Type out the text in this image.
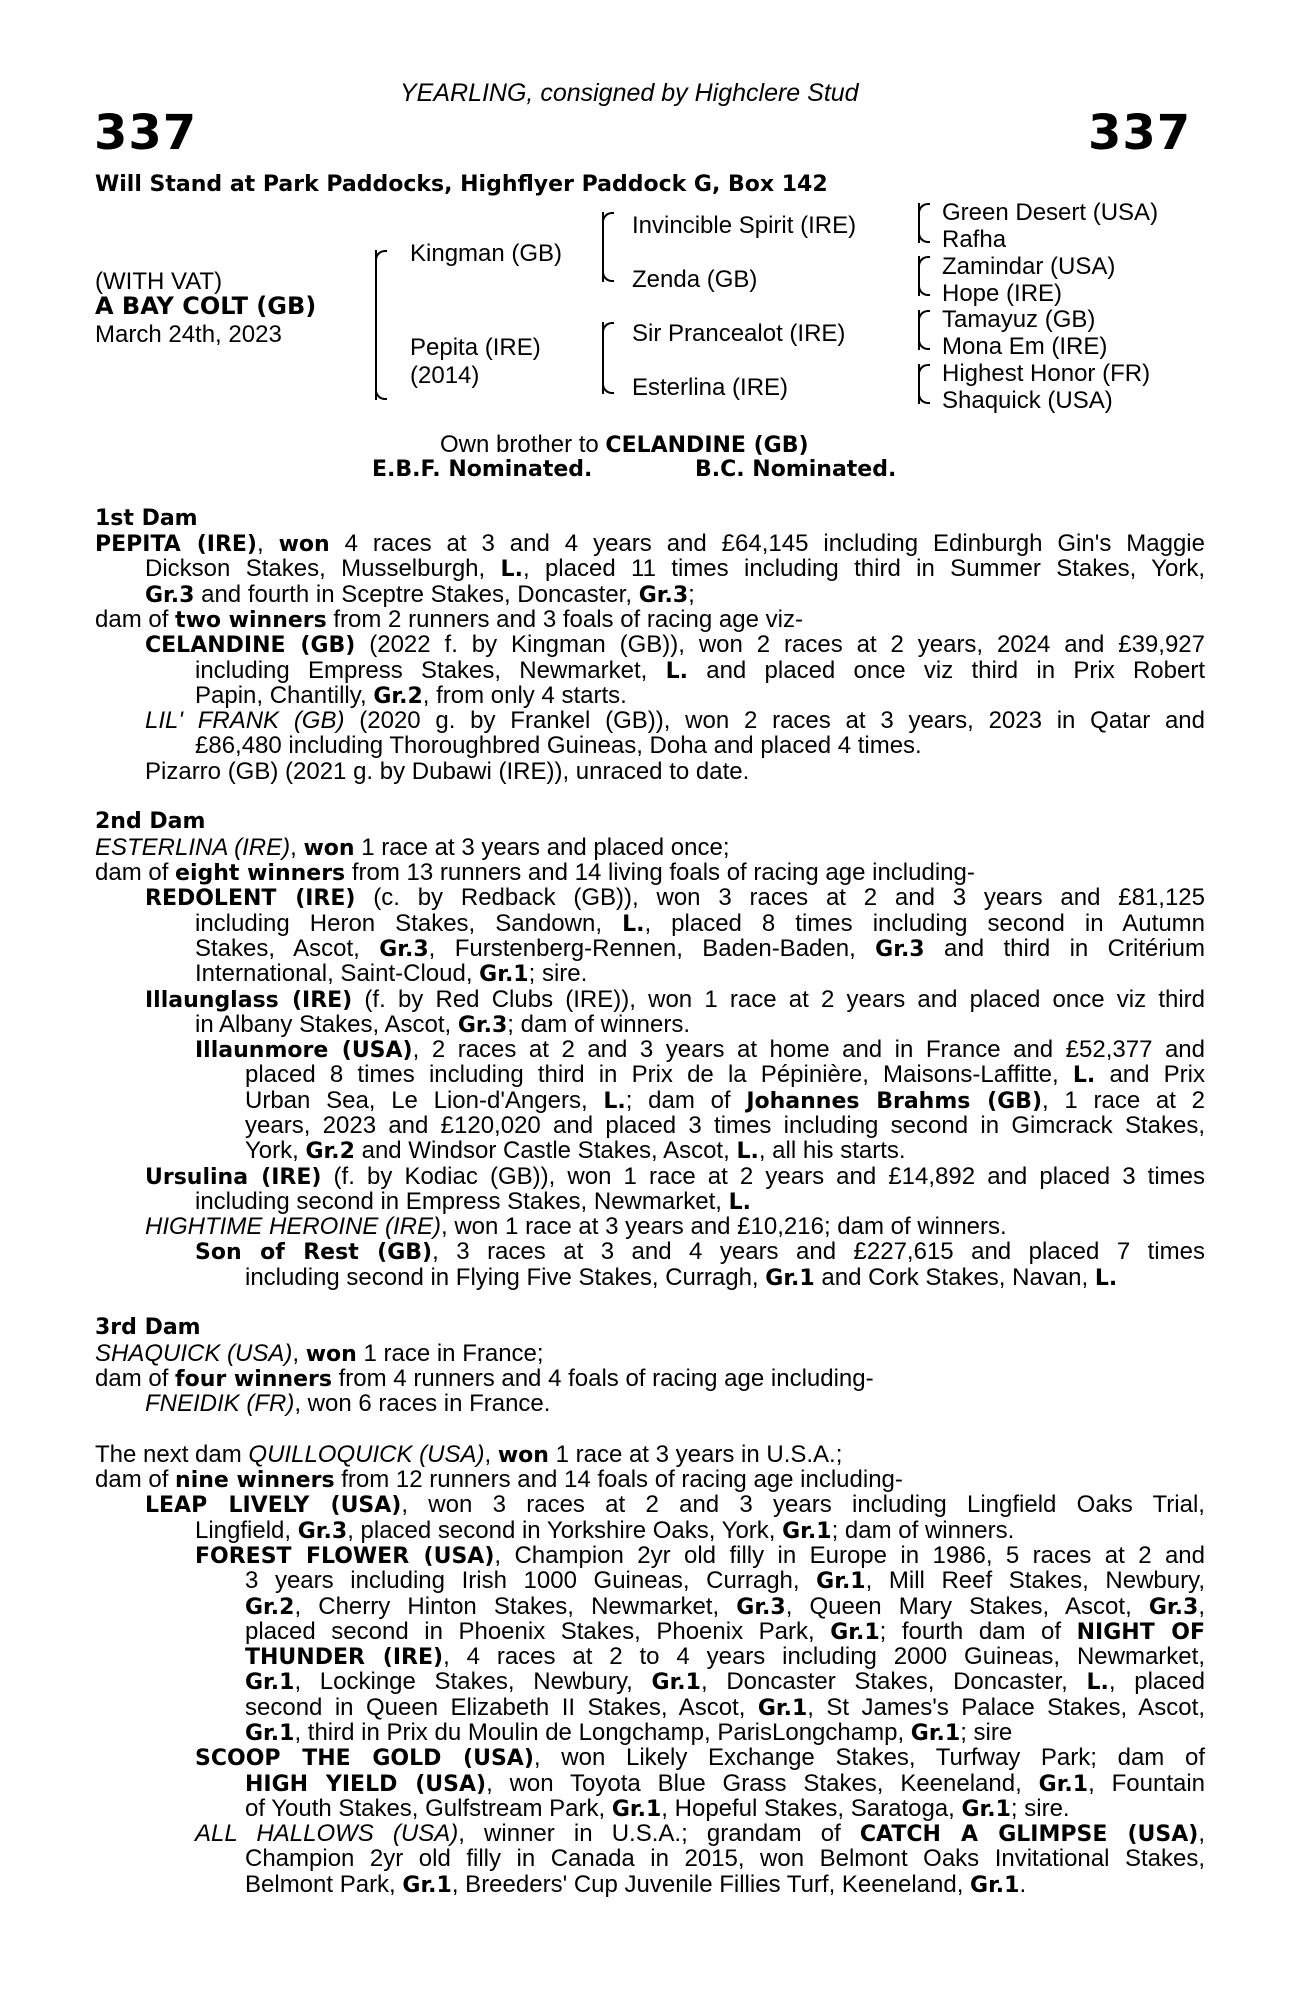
YEARLING, consigned by Highclere Stud
337	337
Will Stand at Park Paddocks, Highflyer Paddock G, Box 142
(WITH VAT)
A BAY COLT (GB)
March 24th, 2023
Kingman (GB)
Pepita (IRE)
(2014)
Invincible Spirit (IRE)
Zenda (GB)
Sir Prancealot (IRE)
Esterlina (IRE)
Green Desert (USA)
Rafha
Zamindar (USA)
Hope (IRE)
Tamayuz (GB)
Mona Em (IRE)
Highest Honor (FR)
Shaquick (USA)
Own brother to CELANDINE (GB)
E.B.F. Nominated.	B.C. Nominated.
1st Dam
PEPITA (IRE), won 4 races at 3 and 4 years and £64,145 including Edinburgh Gin's Maggie
Dickson Stakes, Musselburgh, L., placed 11 times including third in Summer Stakes, York,
Gr.3 and fourth in Sceptre Stakes, Doncaster, Gr.3;
dam of two winners from 2 runners and 3 foals of racing age viz-
CELANDINE (GB) (2022 f. by Kingman (GB)), won 2 races at 2 years, 2024 and £39,927
including Empress Stakes, Newmarket, L. and placed once viz third in Prix Robert
Papin, Chantilly, Gr.2, from only 4 starts.
LIL' FRANK (GB) (2020 g. by Frankel (GB)), won 2 races at 3 years, 2023 in Qatar and
£86,480 including Thoroughbred Guineas, Doha and placed 4 times.
Pizarro (GB) (2021 g. by Dubawi (IRE)), unraced to date.
2nd Dam
ESTERLINA (IRE), won 1 race at 3 years and placed once;
dam of eight winners from 13 runners and 14 living foals of racing age including-
REDOLENT (IRE) (c. by Redback (GB)), won 3 races at 2 and 3 years and £81,125
including Heron Stakes, Sandown, L., placed 8 times including second in Autumn
Stakes, Ascot, Gr.3, Furstenberg-Rennen, Baden-Baden, Gr.3 and third in Critérium
International, Saint-Cloud, Gr.1; sire.
Illaunglass (IRE) (f. by Red Clubs (IRE)), won 1 race at 2 years and placed once viz third
in Albany Stakes, Ascot, Gr.3; dam of winners.
Illaunmore (USA), 2 races at 2 and 3 years at home and in France and £52,377 and
placed 8 times including third in Prix de la Pépinière, Maisons-Laffitte, L. and Prix
Urban Sea, Le Lion-d'Angers, L.; dam of Johannes Brahms (GB), 1 race at 2
years, 2023 and £120,020 and placed 3 times including second in Gimcrack Stakes,
York, Gr.2 and Windsor Castle Stakes, Ascot, L., all his starts.
Ursulina (IRE) (f. by Kodiac (GB)), won 1 race at 2 years and £14,892 and placed 3 times
including second in Empress Stakes, Newmarket, L.
HIGHTIME HEROINE (IRE), won 1 race at 3 years and £10,216; dam of winners.
Son of Rest (GB), 3 races at 3 and 4 years and £227,615 and placed 7 times
including second in Flying Five Stakes, Curragh, Gr.1 and Cork Stakes, Navan, L.
3rd Dam
SHAQUICK (USA), won 1 race in France;
dam of four winners from 4 runners and 4 foals of racing age including-
FNEIDIK (FR), won 6 races in France.
The next dam QUILLOQUICK (USA), won 1 race at 3 years in U.S.A.;
dam of nine winners from 12 runners and 14 foals of racing age including-
LEAP LIVELY (USA), won 3 races at 2 and 3 years including Lingfield Oaks Trial,
Lingfield, Gr.3, placed second in Yorkshire Oaks, York, Gr.1; dam of winners.
FOREST FLOWER (USA), Champion 2yr old filly in Europe in 1986, 5 races at 2 and
3 years including Irish 1000 Guineas, Curragh, Gr.1, Mill Reef Stakes, Newbury,
Gr.2, Cherry Hinton Stakes, Newmarket, Gr.3, Queen Mary Stakes, Ascot, Gr.3,
placed second in Phoenix Stakes, Phoenix Park, Gr.1; fourth dam of NIGHT OF
THUNDER (IRE), 4 races at 2 to 4 years including 2000 Guineas, Newmarket,
Gr.1, Lockinge Stakes, Newbury, Gr.1, Doncaster Stakes, Doncaster, L., placed
second in Queen Elizabeth II Stakes, Ascot, Gr.1, St James's Palace Stakes, Ascot,
Gr.1, third in Prix du Moulin de Longchamp, ParisLongchamp, Gr.1; sire
SCOOP THE GOLD (USA), won Likely Exchange Stakes, Turfway Park; dam of
HIGH YIELD (USA), won Toyota Blue Grass Stakes, Keeneland, Gr.1, Fountain
of Youth Stakes, Gulfstream Park, Gr.1, Hopeful Stakes, Saratoga, Gr.1; sire.
ALL HALLOWS (USA), winner in U.S.A.; grandam of CATCH A GLIMPSE (USA),
Champion 2yr old filly in Canada in 2015, won Belmont Oaks Invitational Stakes,
Belmont Park, Gr.1, Breeders' Cup Juvenile Fillies Turf, Keeneland, Gr.1.
